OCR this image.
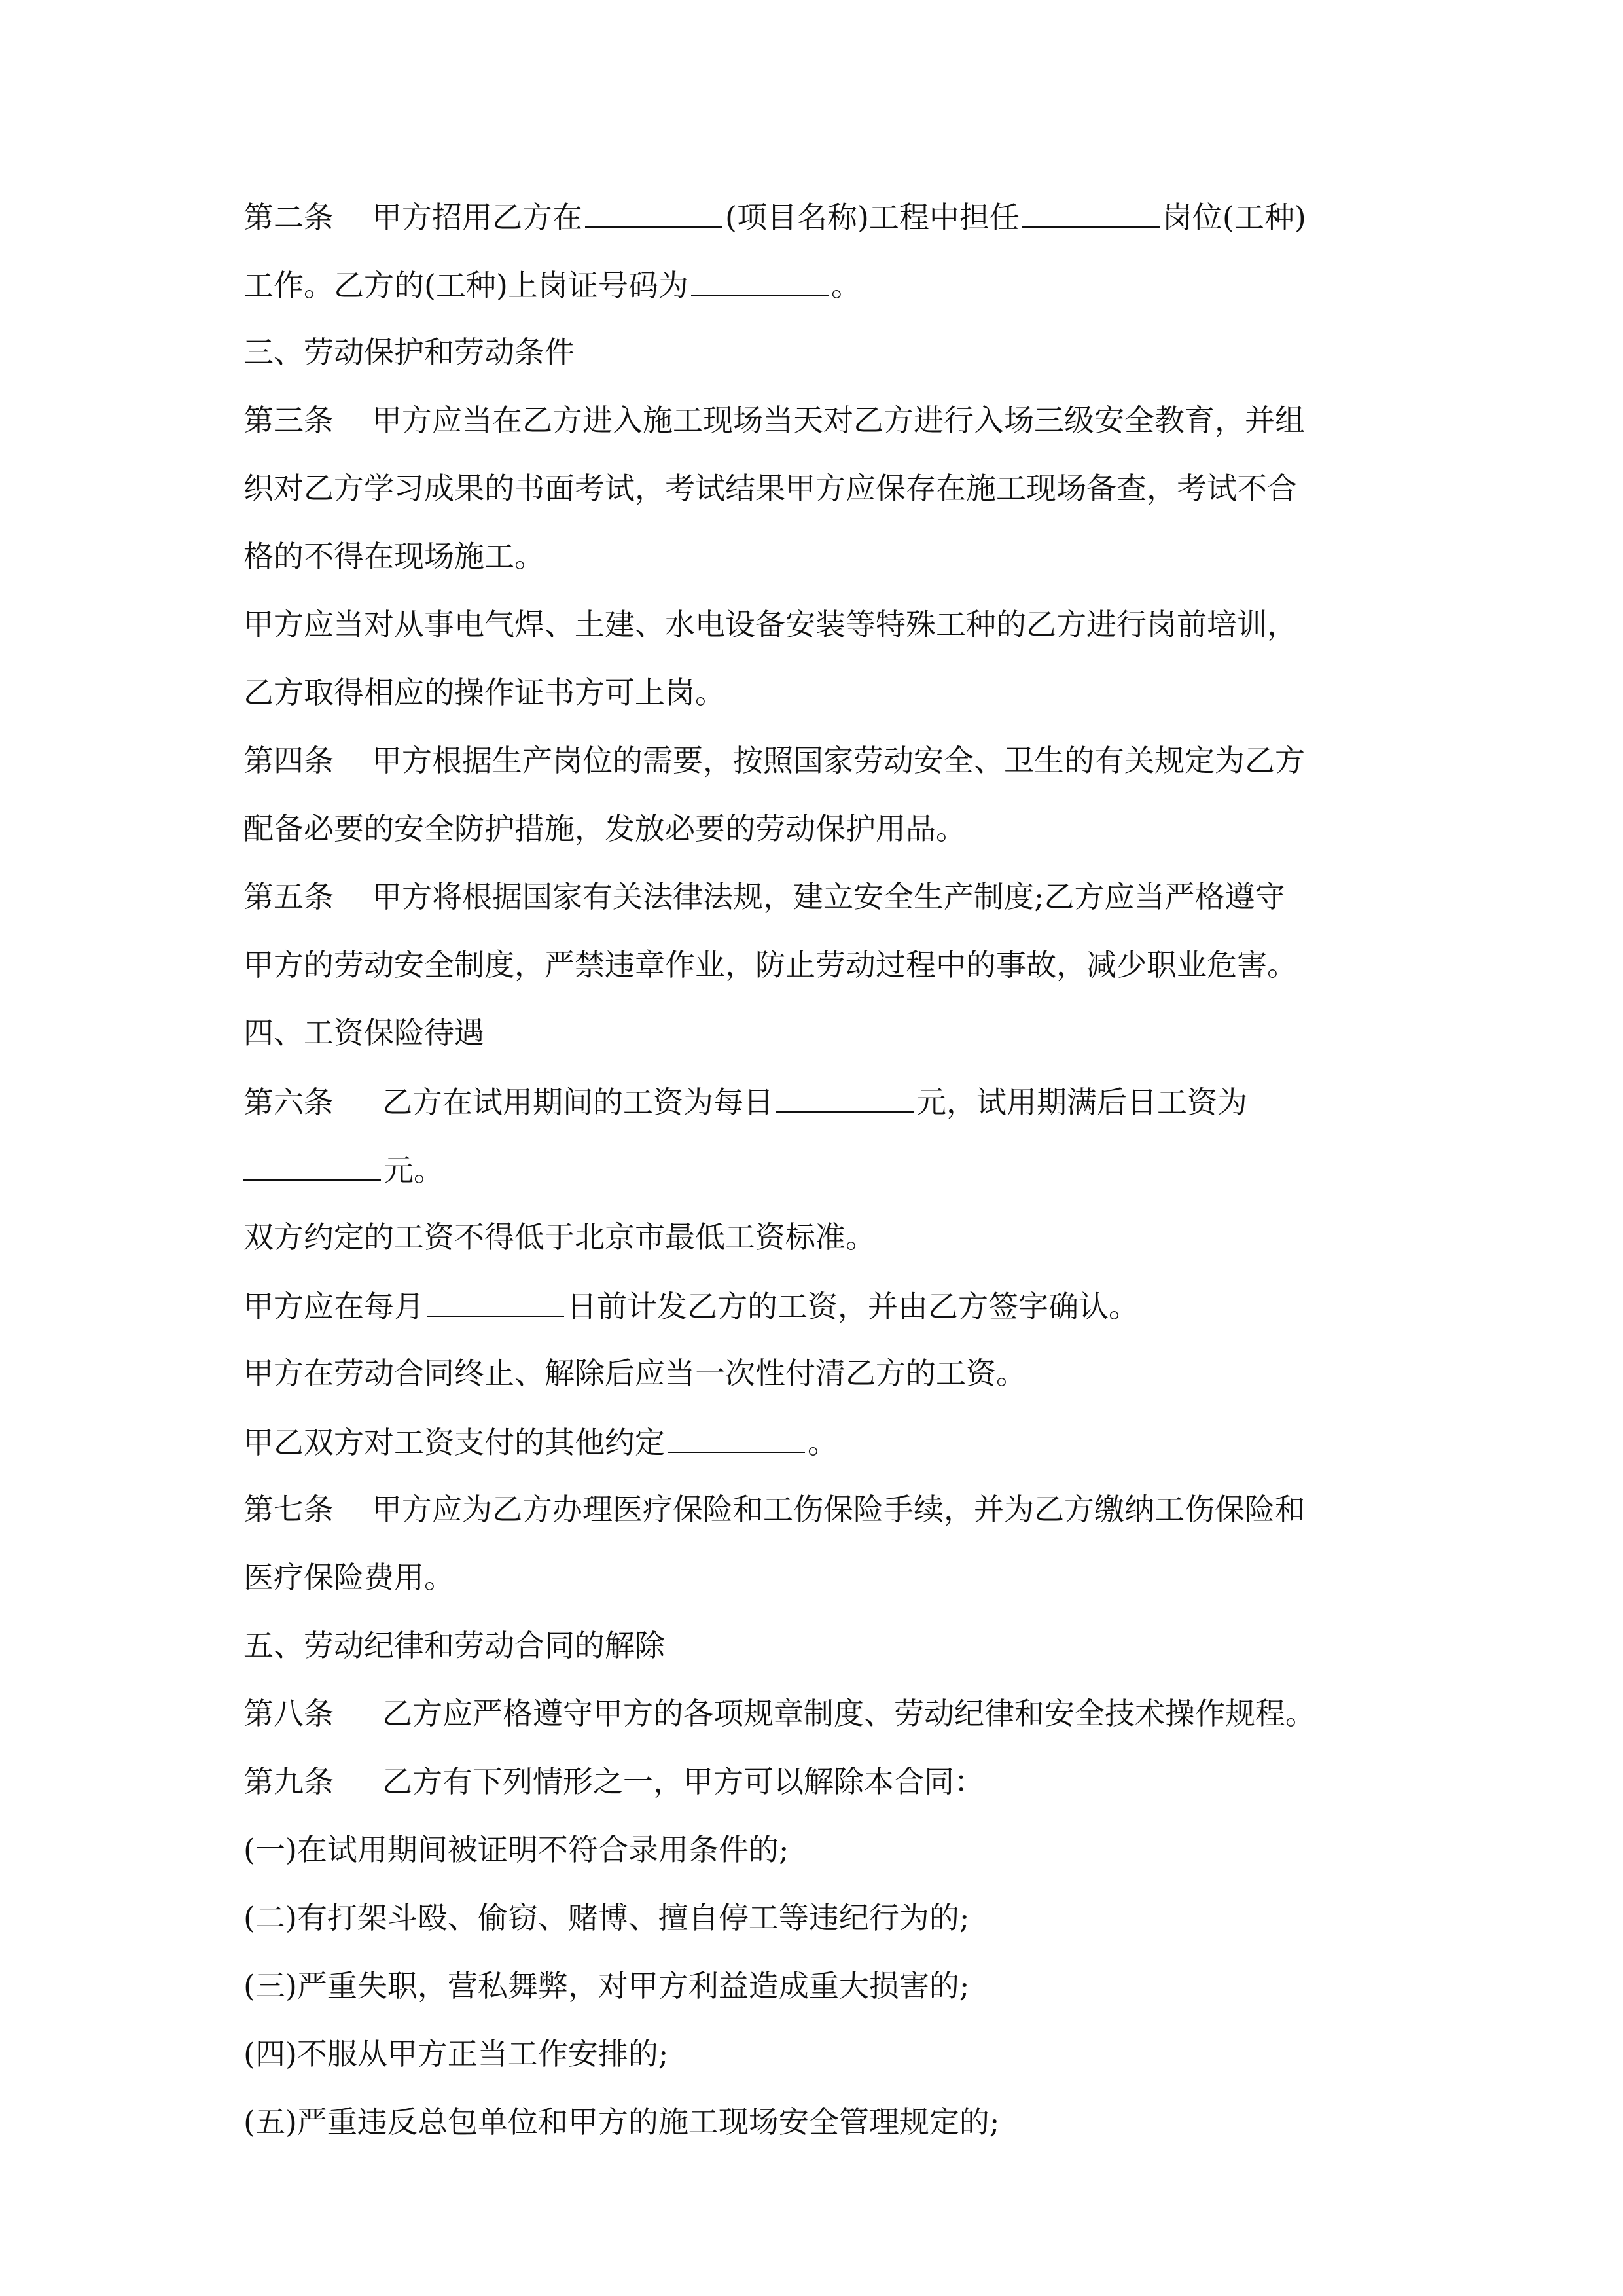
第二条 甲方招用乙方在	(项目名称)工程中担任	岗位(工种)
工作。乙方的(工种)上岗证号码为	。
三、劳动保护和劳动条件
第三条 甲方应当在乙方进入施工现场当天对乙方进行入场三级安全教育，并组
织对乙方学习成果的书面考试，考试结果甲方应保存在施工现场备查，考试不合
格的不得在现场施工。
甲方应当对从事电气焊、土建、水电设备安装等特殊工种的乙方进行岗前培训，
乙方取得相应的操作证书方可上岗。
第四条 甲方根据生产岗位的需要，按照国家劳动安全、卫生的有关规定为乙方
配备必要的安全防护措施，发放必要的劳动保护用品。
第五条 甲方将根据国家有关法律法规，建立安全生产制度;乙方应当严格遵守
甲方的劳动安全制度，严禁违章作业，防止劳动过程中的事故，减少职业危害。
四、工资保险待遇
第六条 乙方在试用期间的工资为每日	元，试用期满后日工资为
元。
双方约定的工资不得低于北京市最低工资标准。
甲方应在每月	日前计发乙方的工资，并由乙方签字确认。
甲方在劳动合同终止、解除后应当一次性付清乙方的工资。
甲乙双方对工资支付的其他约定	。
第七条 甲方应为乙方办理医疗保险和工伤保险手续，并为乙方缴纳工伤保险和
医疗保险费用。
五、劳动纪律和劳动合同的解除
第八条 乙方应严格遵守甲方的各项规章制度、劳动纪律和安全技术操作规程。
第九条 乙方有下列情形之一，甲方可以解除本合同：
(一)在试用期间被证明不符合录用条件的;
(二)有打架斗殴、偷窃、赌博、擅自停工等违纪行为的;
(三)严重失职，营私舞弊，对甲方利益造成重大损害的;
(四)不服从甲方正当工作安排的;
(五)严重违反总包单位和甲方的施工现场安全管理规定的;
